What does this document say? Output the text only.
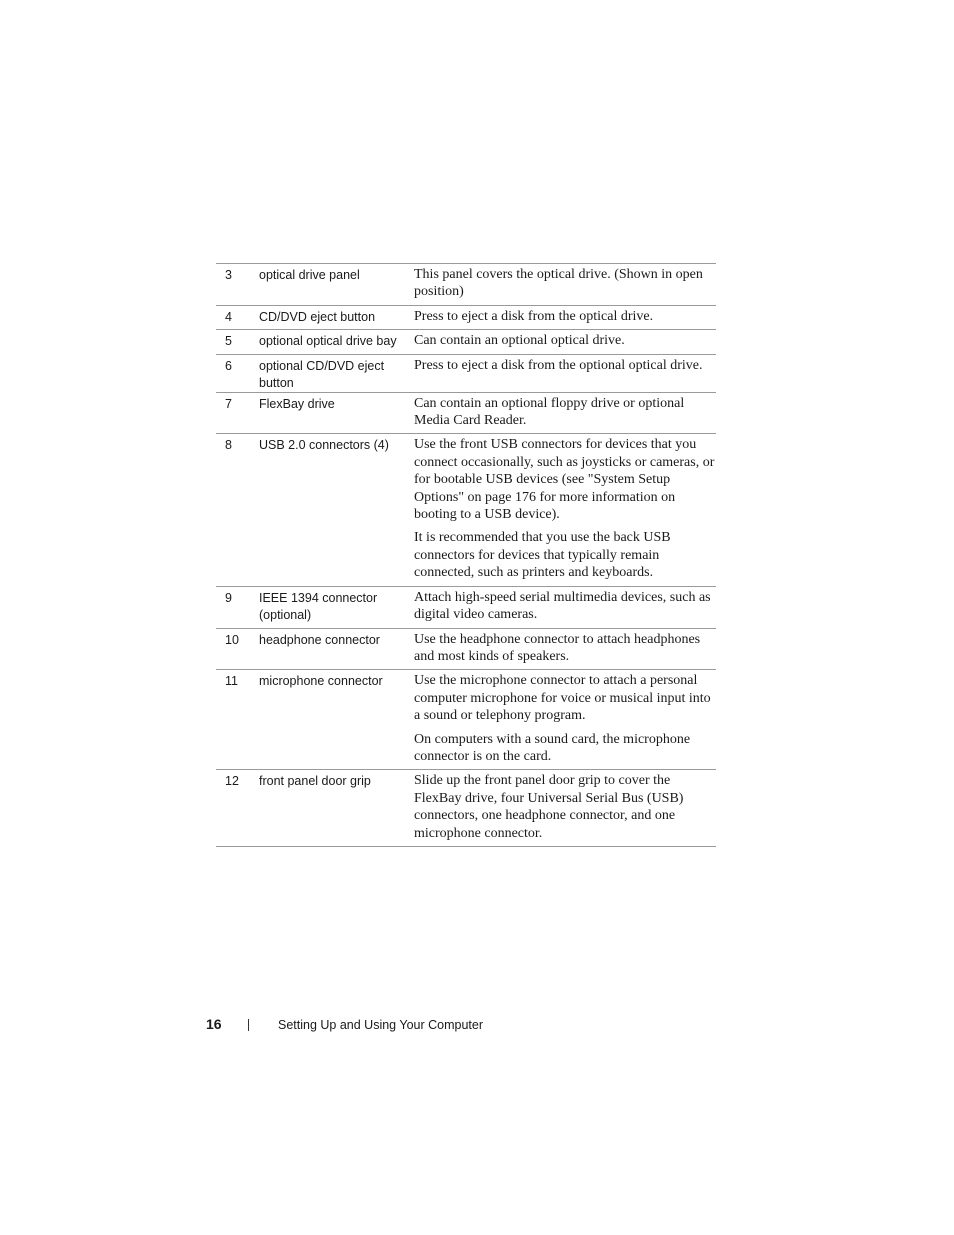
3	optical drive panel	This panel covers the optical drive. (Shown in open position)

4	CD/DVD eject button	Press to eject a disk from the optical drive.

5	optional optical drive bay	Can contain an optional optical drive.

6	optional CD/DVD eject button	Press to eject a disk from the optional optical drive.

7	FlexBay drive	Can contain an optional floppy drive or optional Media Card Reader.

8	USB 2.0 connectors (4)	Use the front USB connectors for devices that you connect occasionally, such as joysticks or cameras, or for bootable USB devices (see "System Setup Options" on page 176 for more information on booting to a USB device).

It is recommended that you use the back USB connectors for devices that typically remain connected, such as printers and keyboards.

9	IEEE 1394 connector (optional)	Attach high-speed serial multimedia devices, such as digital video cameras.

10	headphone connector	Use the headphone connector to attach headphones and most kinds of speakers.

11	microphone connector	Use the microphone connector to attach a personal computer microphone for voice or musical input into a sound or telephony program.

On computers with a sound card, the microphone connector is on the card.

12	front panel door grip	Slide up the front panel door grip to cover the FlexBay drive, four Universal Serial Bus (USB) connectors, one headphone connector, and one microphone connector.

16	Setting Up and Using Your Computer
